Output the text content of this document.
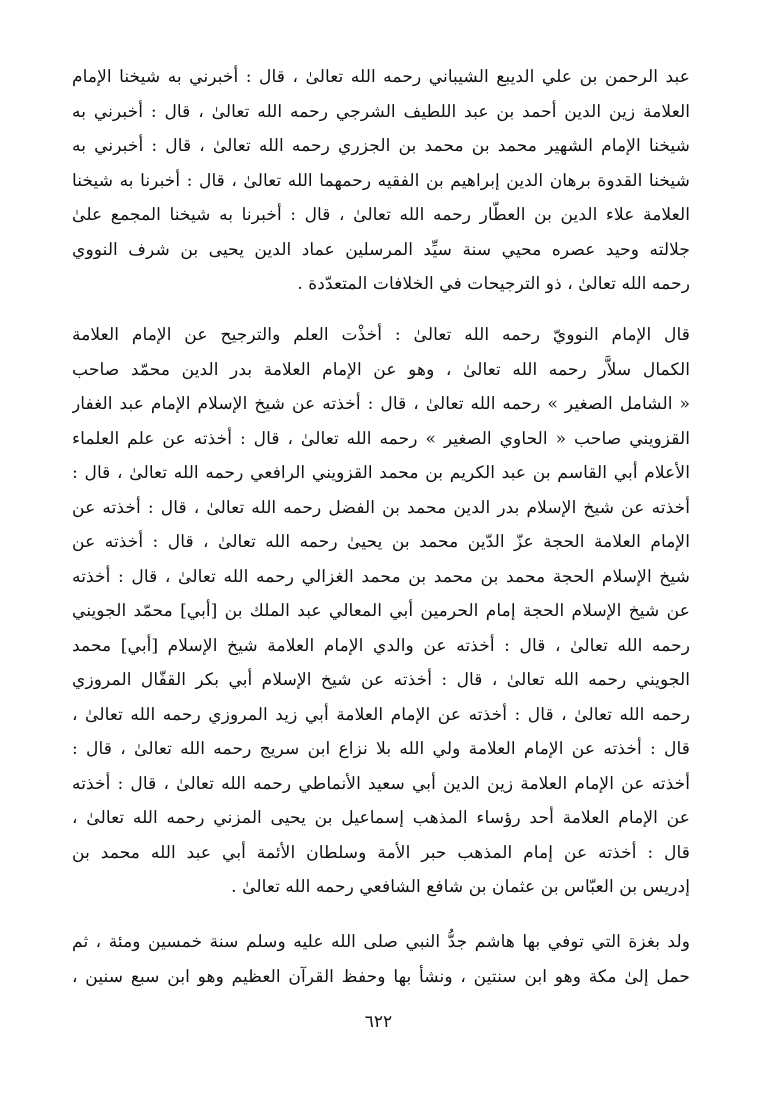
عبد الرحمن بن علي الديبع الشيباني رحمه الله تعالىٰ ، قال : أخبرني به شيخنا الإمام
العلامة زين الدين أحمد بن عبد اللطيف الشرجي رحمه الله تعالىٰ ، قال : أخبرني به
شيخنا الإمام الشهير محمد بن محمد بن الجزري رحمه الله تعالىٰ ، قال : أخبرني به
شيخنا القدوة برهان الدين إبراهيم بن الفقيه رحمهما الله تعالىٰ ، قال : أخبرنا به شيخنا
العلامة علاء الدين بن العطّار رحمه الله تعالىٰ ، قال : أخبرنا به شيخنا المجمع علىٰ
جلالته وحيد عصره محيي سنة سيِّد المرسلين عماد الدين يحيى بن شرف النووي
رحمه الله تعالىٰ ، ذو الترجيحات في الخلافات المتعدّدة .
قال الإمام النوويّ رحمه الله تعالىٰ : أخذْت العلم والترجيح عن الإمام العلامة
الكمال سلاَّر رحمه الله تعالىٰ ، وهو عن الإمام العلامة بدر الدين محمّد صاحب
« الشامل الصغير » رحمه الله تعالىٰ ، قال : أخذته عن شيخ الإسلام الإمام عبد الغفار
القزويني صاحب « الحاوي الصغير » رحمه الله تعالىٰ ، قال : أخذته عن علم العلماء
الأعلام أبي القاسم بن عبد الكريم بن محمد القزويني الرافعي رحمه الله تعالىٰ ، قال :
أخذته عن شيخ الإسلام بدر الدين محمد بن الفضل رحمه الله تعالىٰ ، قال : أخذته عن
الإمام العلامة الحجة عزّ الدّين محمد بن يحيىٰ رحمه الله تعالىٰ ، قال : أخذته عن
شيخ الإسلام الحجة محمد بن محمد بن محمد الغزالي رحمه الله تعالىٰ ، قال : أخذته
عن شيخ الإسلام الحجة إمام الحرمين أبي المعالي عبد الملك بن [أبي] محمّد الجويني
رحمه الله تعالىٰ ، قال : أخذته عن والدي الإمام العلامة شيخ الإسلام [أبي] محمد
الجويني رحمه الله تعالىٰ ، قال : أخذته عن شيخ الإسلام أبي بكر القفّال المروزي
رحمه الله تعالىٰ ، قال : أخذته عن الإمام العلامة أبي زيد المروزي رحمه الله تعالىٰ ،
قال : أخذته عن الإمام العلامة ولي الله بلا نزاع ابن سريج رحمه الله تعالىٰ ، قال :
أخذته عن الإمام العلامة زين الدين أبي سعيد الأنماطي رحمه الله تعالىٰ ، قال : أخذته
عن الإمام العلامة أحد رؤساء المذهب إسماعيل بن يحيى المزني رحمه الله تعالىٰ ،
قال : أخذته عن إمام المذهب حبر الأمة وسلطان الأئمة أبي عبد الله محمد بن
إدريس بن العبّاس بن عثمان بن شافع الشافعي رحمه الله تعالىٰ .
ولد بغزة التي توفي بها هاشم جدُّ النبي صلى الله عليه وسلم سنة خمسين ومئة ، ثم
حمل إلىٰ مكة وهو ابن سنتين ، ونشأ بها وحفظ القرآن العظيم وهو ابن سبع سنين ،
٦٢٢
